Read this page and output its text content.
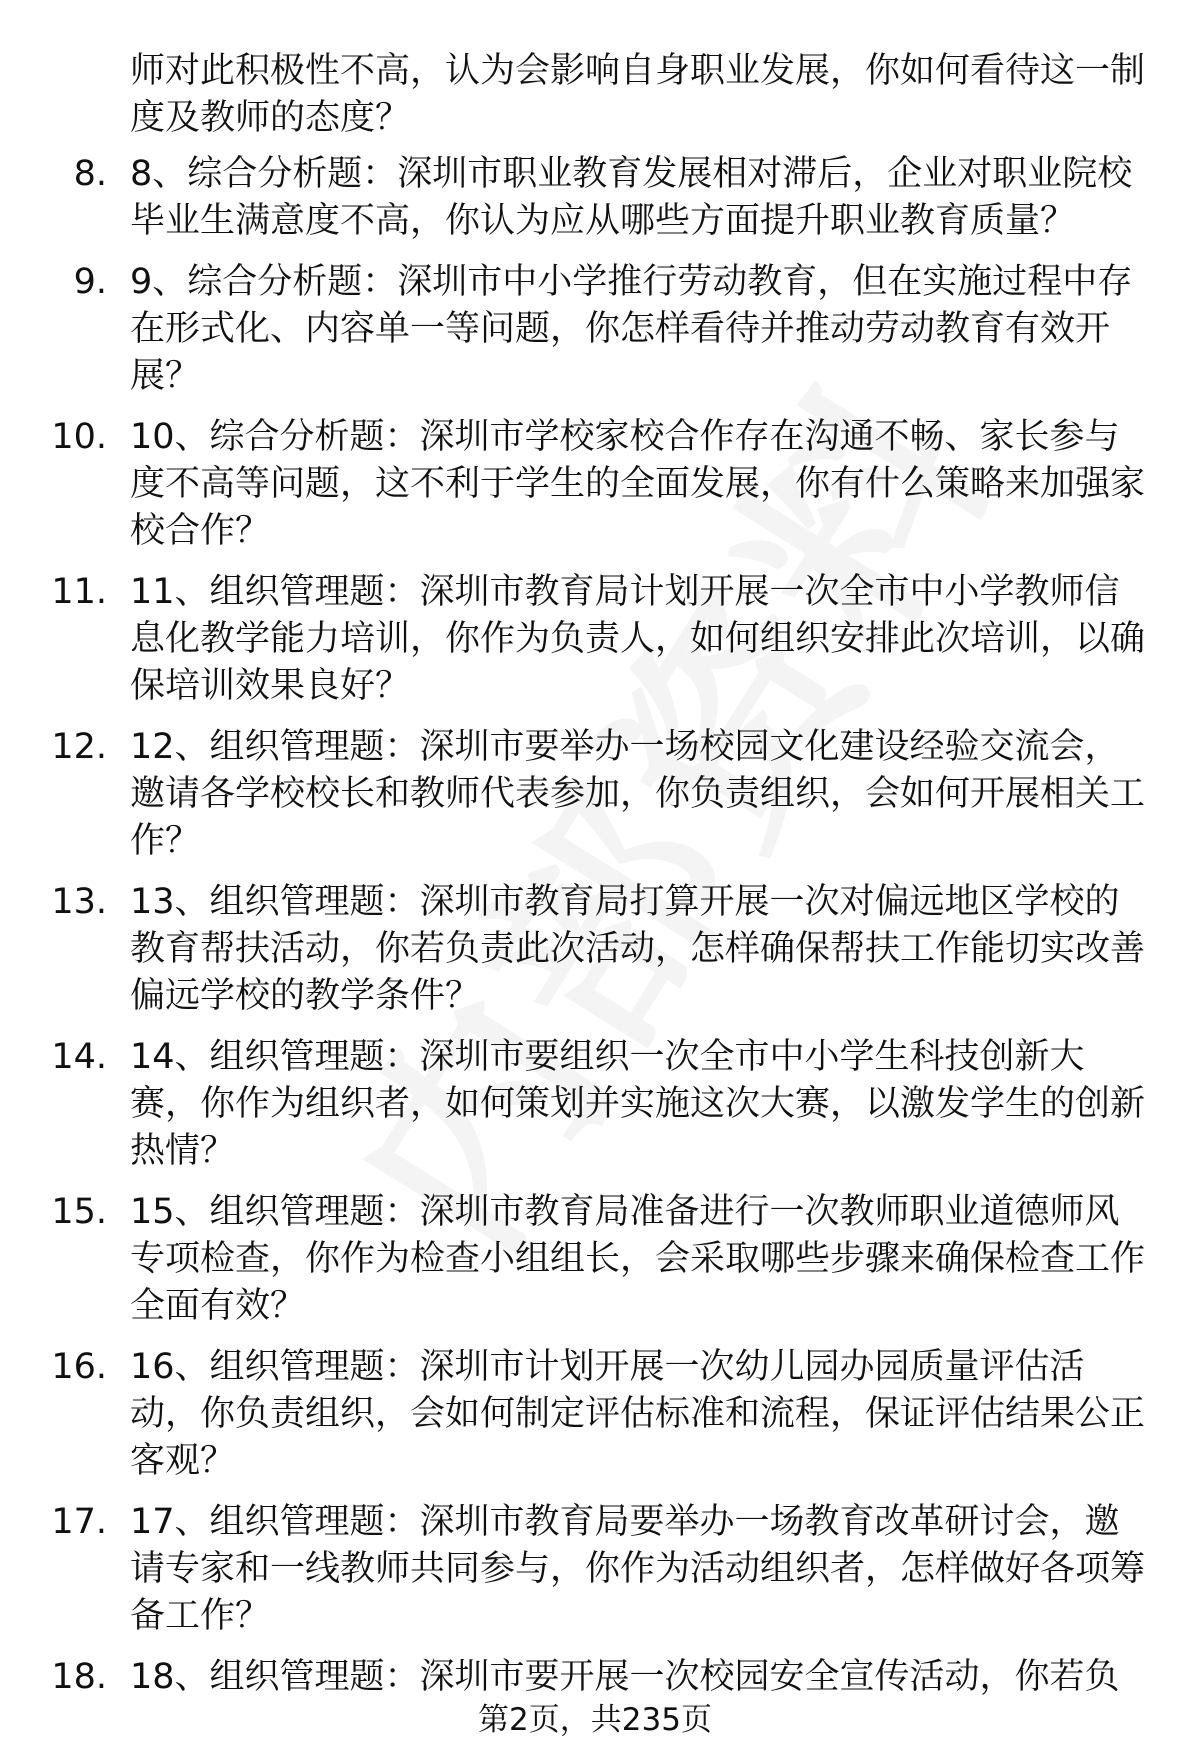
师对此积极性不高，认为会影响自身职业发展，你如何看待这一制度及教师的态度？
8. 8、综合分析题：深圳市职业教育发展相对滞后，企业对职业院校毕业生满意度不高，你认为应从哪些方面提升职业教育质量？
9. 9、综合分析题：深圳市中小学推行劳动教育，但在实施过程中存在形式化、内容单一等问题，你怎样看待并推动劳动教育有效开展？
10. 10、综合分析题：深圳市学校家校合作存在沟通不畅、家长参与度不高等问题，这不利于学生的全面发展，你有什么策略来加强家校合作？
11. 11、组织管理题：深圳市教育局计划开展一次全市中小学教师信息化教学能力培训，你作为负责人，如何组织安排此次培训，以确保培训效果良好？
12. 12、组织管理题：深圳市要举办一场校园文化建设经验交流会，邀请各学校校长和教师代表参加，你负责组织，会如何开展相关工作？
13. 13、组织管理题：深圳市教育局打算开展一次对偏远地区学校的教育帮扶活动，你若负责此次活动，怎样确保帮扶工作能切实改善偏远学校的教学条件？
14. 14、组织管理题：深圳市要组织一次全市中小学生科技创新大赛，你作为组织者，如何策划并实施这次大赛，以激发学生的创新热情？
15. 15、组织管理题：深圳市教育局准备进行一次教师职业道德师风专项检查，你作为检查小组组长，会采取哪些步骤来确保检查工作全面有效？
16. 16、组织管理题：深圳市计划开展一次幼儿园办园质量评估活动，你负责组织，会如何制定评估标准和流程，保证评估结果公正客观？
17. 17、组织管理题：深圳市教育局要举办一场教育改革研讨会，邀请专家和一线教师共同参与，你作为活动组织者，怎样做好各项筹备工作？
18. 18、组织管理题：深圳市要开展一次校园安全宣传活动，你若负
第2页，共235页
